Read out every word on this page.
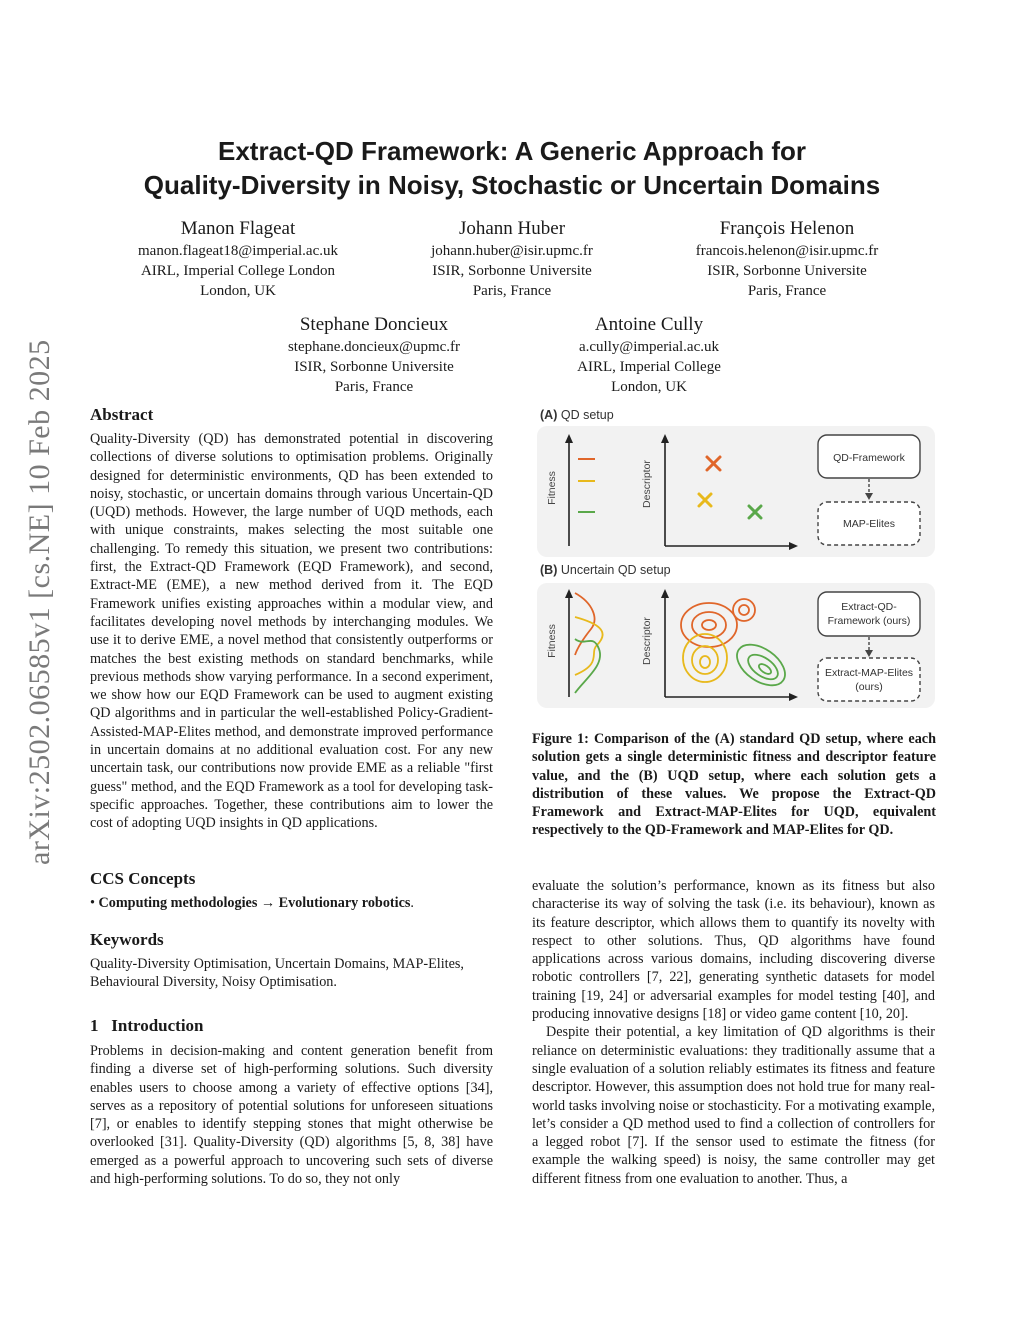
arXiv:2502.06585v1 [cs.NE] 10 Feb 2025
Extract-QD Framework: A Generic Approach for
Quality-Diversity in Noisy, Stochastic or Uncertain Domains
Manon Flageat
manon.flageat18@imperial.ac.uk
AIRL, Imperial College London
London, UK
Johann Huber
johann.huber@isir.upmc.fr
ISIR, Sorbonne Universite
Paris, France
François Helenon
francois.helenon@isir.upmc.fr
ISIR, Sorbonne Universite
Paris, France
Stephane Doncieux
stephane.doncieux@upmc.fr
ISIR, Sorbonne Universite
Paris, France
Antoine Cully
a.cully@imperial.ac.uk
AIRL, Imperial College
London, UK
Abstract

Quality-Diversity (QD) has demonstrated potential in discovering collections of diverse solutions to optimisation problems. Originally designed for deterministic environments, QD has been extended to noisy, stochastic, or uncertain domains through various Uncertain-QD (UQD) methods. However, the large number of UQD methods, each with unique constraints, makes selecting the most suitable one challenging. To remedy this situation, we present two contributions: first, the Extract-QD Framework (EQD Framework), and second, Extract-ME (EME), a new method derived from it. The EQD Framework unifies existing approaches within a modular view, and facilitates developing novel methods by interchanging modules. We use it to derive EME, a novel method that consistently outperforms or matches the best existing methods on standard benchmarks, while previous methods show varying performance. In a second experiment, we show how our EQD Framework can be used to augment existing QD algorithms and in particular the well-established Policy-Gradient-Assisted-MAP-Elites method, and demonstrate improved performance in uncertain domains at no additional evaluation cost. For any new uncertain task, our contributions now provide EME as a reliable "first guess" method, and the EQD Framework as a tool for developing task-specific approaches. Together, these contributions aim to lower the cost of adopting UQD insights in QD applications.

CCS Concepts
• Computing methodologies → Evolutionary robotics.
Keywords
Quality-Diversity Optimisation, Uncertain Domains, MAP-Elites, Behavioural Diversity, Noisy Optimisation.
1 Introduction

Problems in decision-making and content generation benefit from finding a diverse set of high-performing solutions. Such diversity enables users to choose among a variety of effective options [34], serves as a repository of potential solutions for unforeseen situations [7], or enables to identify stepping stones that might otherwise be overlooked [31]. Quality-Diversity (QD) algorithms [5, 8, 38] have emerged as a powerful approach to uncovering such sets of diverse and high-performing solutions. To do so, they not only

(A) QD setup
Fitness	Descriptor
QD-Framework
MAP-Elites
(B) Uncertain QD setup
Fitness	Descriptor
Extract-QD-
Framework (ours)
Extract-MAP-Elites
(ours)
Figure 1: Comparison of the (A) standard QD setup, where each solution gets a single deterministic fitness and descriptor feature value, and the (B) UQD setup, where each solution gets a distribution of these values. We propose the Extract-QD Framework and Extract-MAP-Elites for UQD, equivalent respectively to the QD-Framework and MAP-Elites for QD.

evaluate the solution’s performance, known as its fitness but also characterise its way of solving the task (i.e. its behaviour), known as its feature descriptor, which allows them to quantify its novelty with respect to other solutions. Thus, QD algorithms have found applications across various domains, including discovering diverse robotic controllers [7, 22], generating synthetic datasets for model training [19, 24] or adversarial examples for model testing [40], and producing innovative designs [18] or video game content [10, 20].

Despite their potential, a key limitation of QD algorithms is their reliance on deterministic evaluations: they traditionally assume that a single evaluation of a solution reliably estimates its fitness and feature descriptor. However, this assumption does not hold true for many real-world tasks involving noise or stochasticity. For a motivating example, let’s consider a QD method used to find a collection of controllers for a legged robot [7]. If the sensor used to estimate the fitness (for example the walking speed) is noisy, the same controller may get different fitness from one evaluation to another. Thus, a
